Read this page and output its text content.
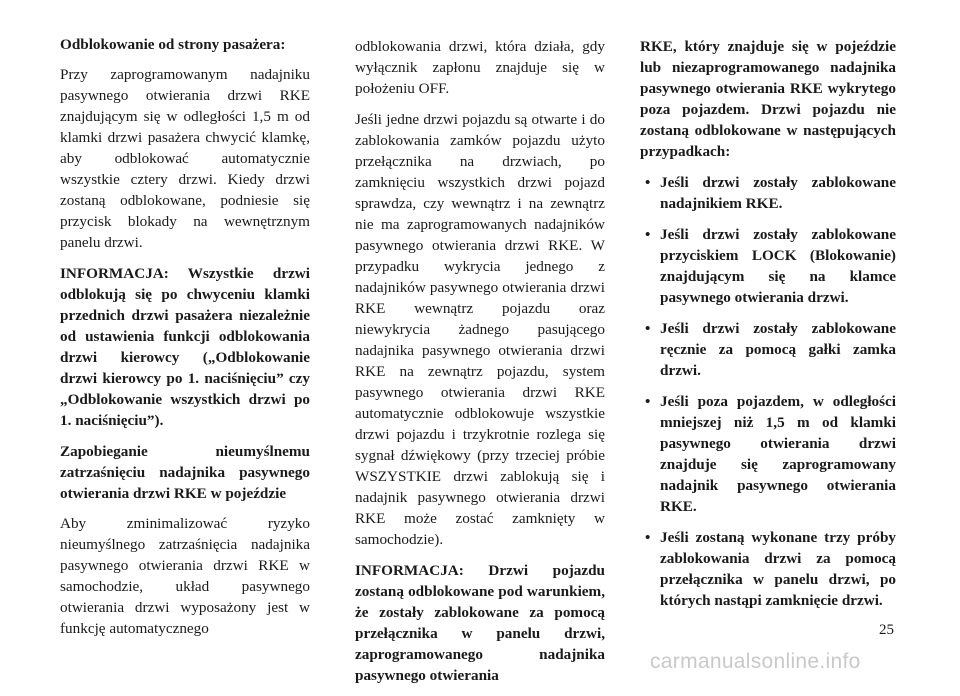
Odblokowanie od strony pasażera:

Przy zaprogramowanym nadajniku pasywnego otwierania drzwi RKE znajdującym się w odległości 1,5 m od klamki drzwi pasażera chwycić klamkę, aby odblokować automatycznie wszystkie cztery drzwi. Kiedy drzwi zostaną odblokowane, podniesie się przycisk blokady na wewnętrznym panelu drzwi.

INFORMACJA: Wszystkie drzwi odblokują się po chwyceniu klamki przednich drzwi pasażera niezależnie od ustawienia funkcji odblokowania drzwi kierowcy („Odblokowanie drzwi kierowcy po 1. naciśnięciu” czy „Odblokowanie wszystkich drzwi po 1. naciśnięciu”).

Zapobieganie nieumyślnemu zatrzaśnięciu nadajnika pasywnego otwierania drzwi RKE w pojeździe

Aby zminimalizować ryzyko nieumyślnego zatrzaśnięcia nadajnika pasywnego otwierania drzwi RKE w samochodzie, układ pasywnego otwierania drzwi wyposażony jest w funkcję automatycznego

odblokowania drzwi, która działa, gdy wyłącznik zapłonu znajduje się w położeniu OFF.

Jeśli jedne drzwi pojazdu są otwarte i do zablokowania zamków pojazdu użyto przełącznika na drzwiach, po zamknięciu wszystkich drzwi pojazd sprawdza, czy wewnątrz i na zewnątrz nie ma zaprogramowanych nadajników pasywnego otwierania drzwi RKE. W przypadku wykrycia jednego z nadajników pasywnego otwierania drzwi RKE wewnątrz pojazdu oraz niewykrycia żadnego pasującego nadajnika pasywnego otwierania drzwi RKE na zewnątrz pojazdu, system pasywnego otwierania drzwi RKE automatycznie odblokowuje wszystkie drzwi pojazdu i trzykrotnie rozlega się sygnał dźwiękowy (przy trzeciej próbie WSZYSTKIE drzwi zablokują się i nadajnik pasywnego otwierania drzwi RKE może zostać zamknięty w samochodzie).

INFORMACJA: Drzwi pojazdu zostaną odblokowane pod warunkiem, że zostały zablokowane za pomocą przełącznika w panelu drzwi, zaprogramowanego nadajnika pasywnego otwierania

RKE, który znajduje się w pojeździe lub niezaprogramowanego nadajnika pasywnego otwierania RKE wykrytego poza pojazdem. Drzwi pojazdu nie zostaną odblokowane w następujących przypadkach:

• Jeśli drzwi zostały zablokowane nadajnikiem RKE.
• Jeśli drzwi zostały zablokowane przyciskiem LOCK (Blokowanie) znajdującym się na klamce pasywnego otwierania drzwi.
• Jeśli drzwi zostały zablokowane ręcznie za pomocą gałki zamka drzwi.
• Jeśli poza pojazdem, w odległości mniejszej niż 1,5 m od klamki pasywnego otwierania drzwi znajduje się zaprogramowany nadajnik pasywnego otwierania RKE.
• Jeśli zostaną wykonane trzy próby zablokowania drzwi za pomocą przełącznika w panelu drzwi, po których nastąpi zamknięcie drzwi.
25
carmanualsonline.info
